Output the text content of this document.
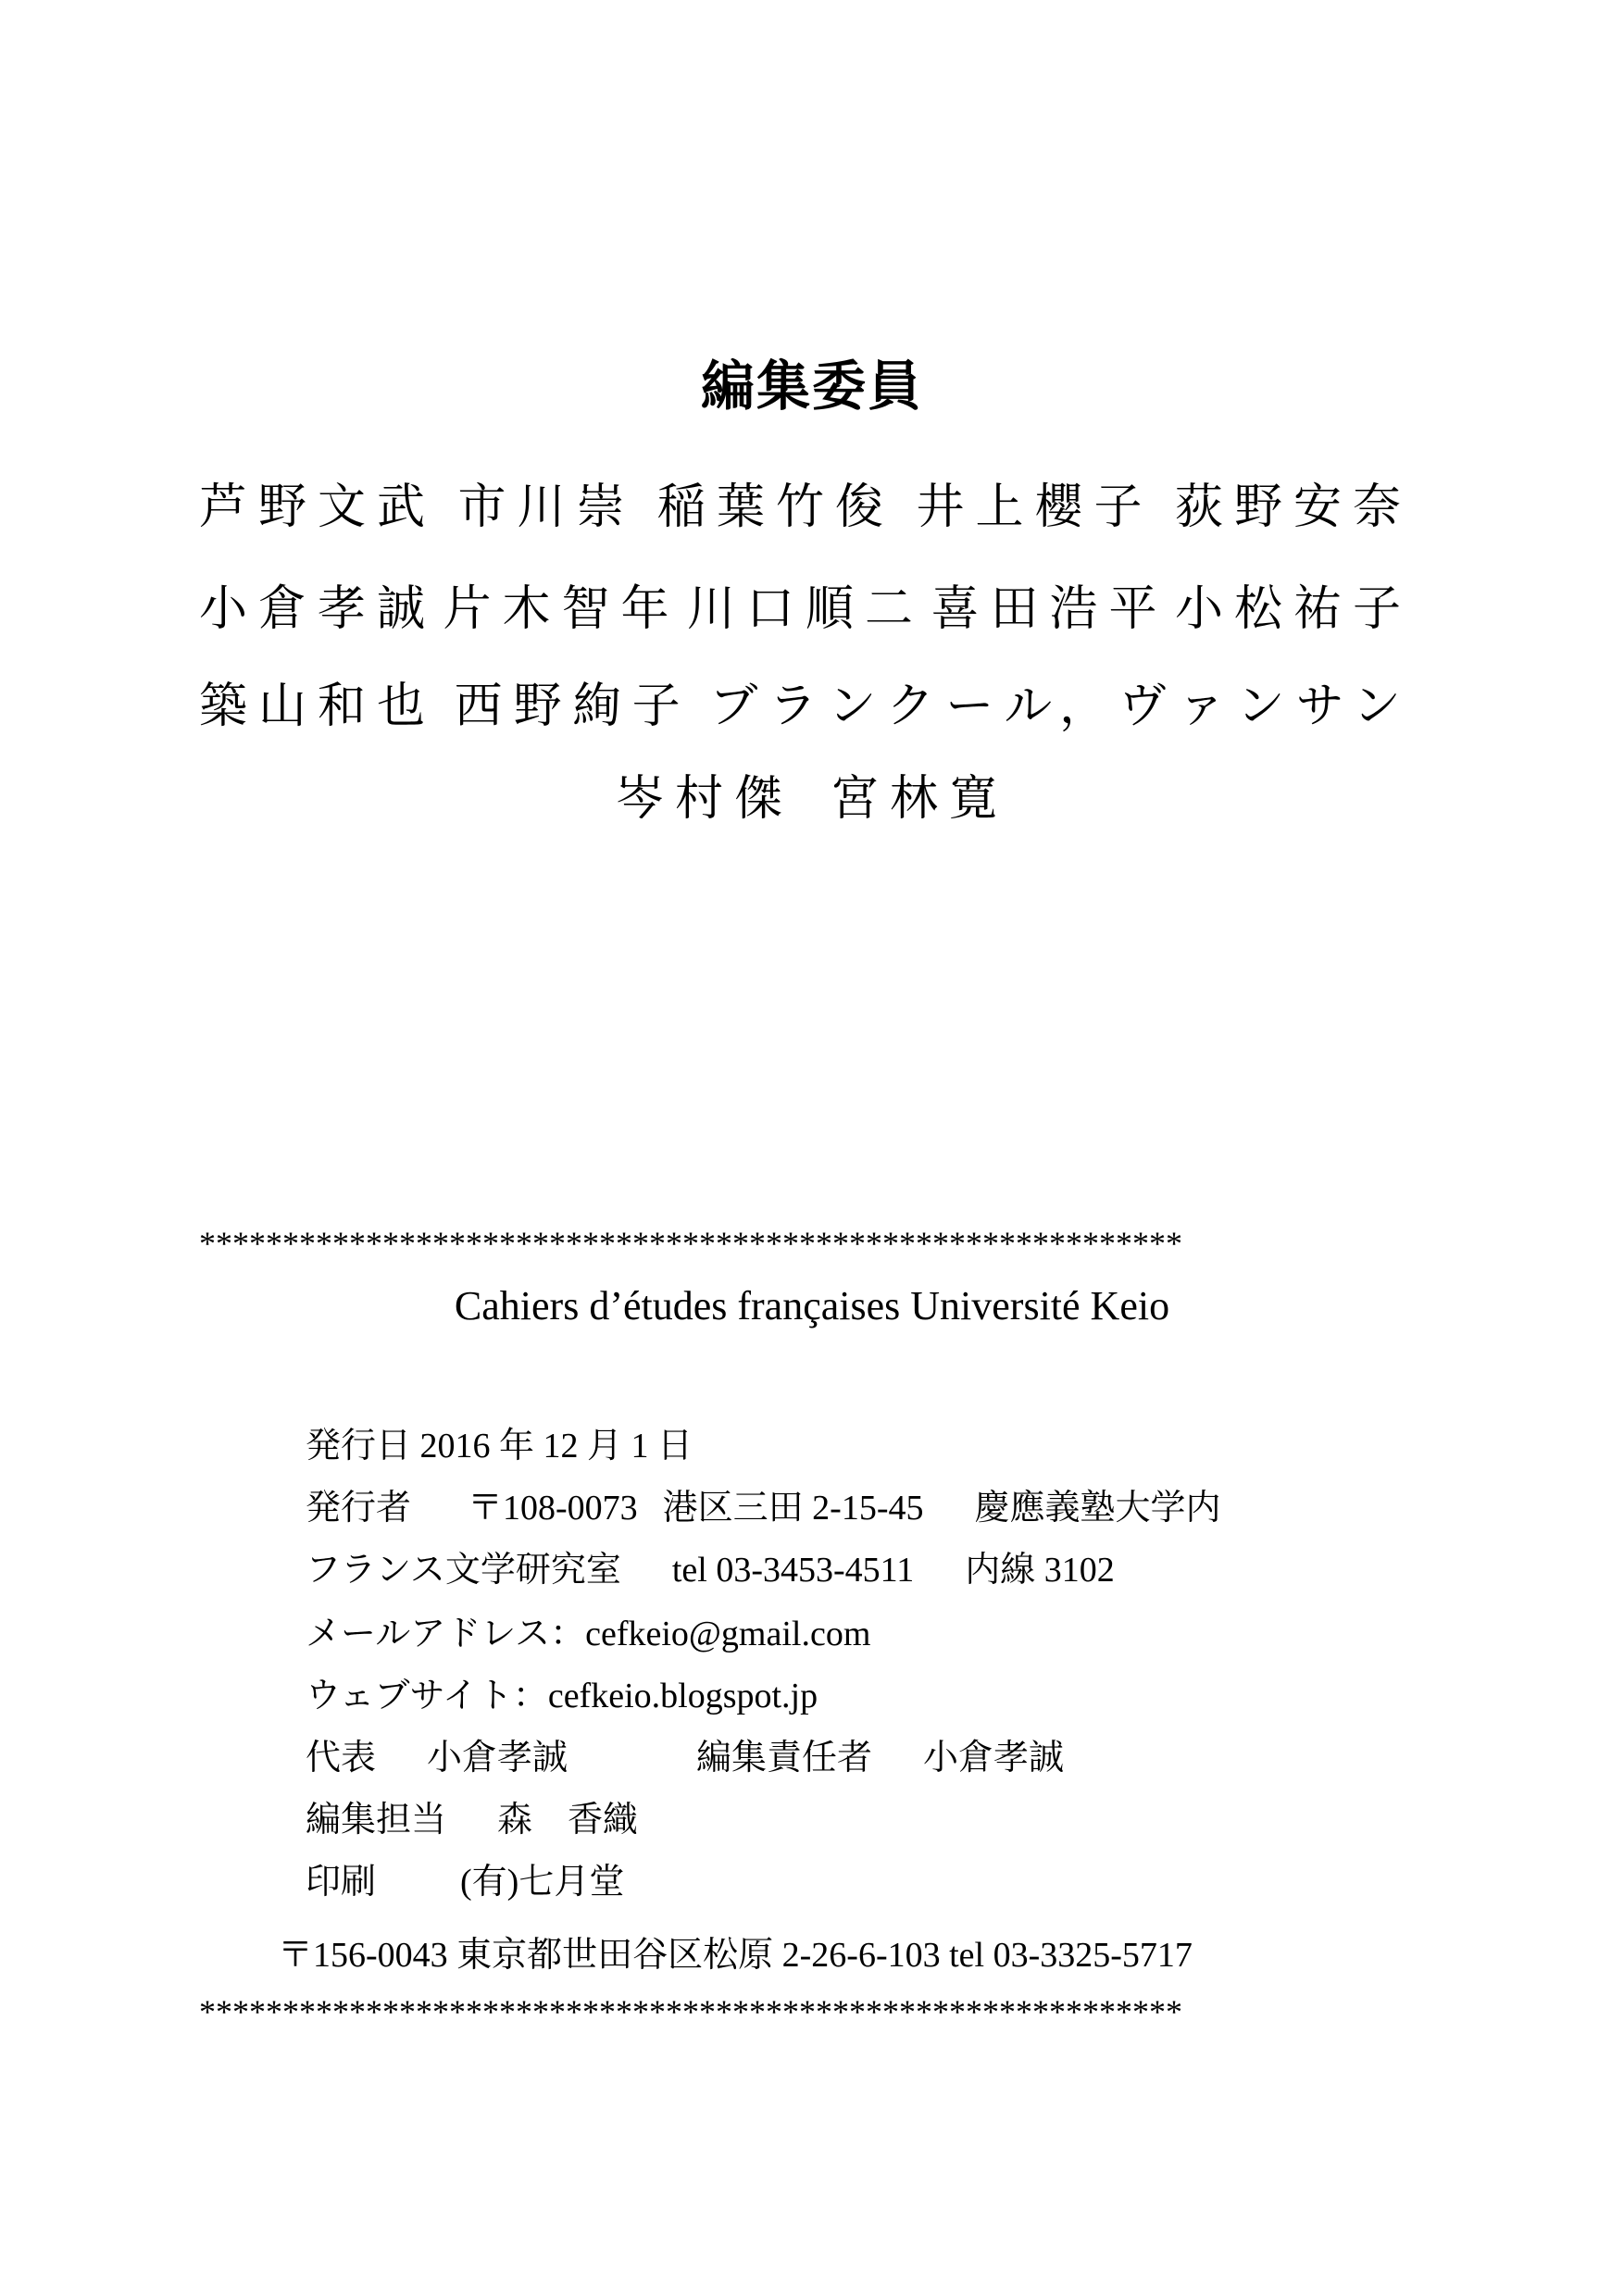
編集委員
芦野文武 市川崇 稲葉竹俊 井上櫻子 荻野安奈
小倉孝誠 片木智年 川口順二 喜田浩平 小松祐子
築山和也 西野絢子 ブランクール，ヴァンサン
岑村傑 宮林寛
***********************************************************
Cahiers d’études françaises Université Keio
発行日 2016 年 12 月 1 日
発行者 〒108-0073 港区三田 2-15-45 慶應義塾大学内
フランス文学研究室 tel 03-3453-4511 内線 3102
メールアドレス：cefkeio@gmail.com
ウェブサイト：cefkeio.blogspot.jp
代表 小倉孝誠	編集責任者 小倉孝誠
編集担当 森　香織
印刷 (有)七月堂
〒156-0043 東京都世田谷区松原 2-26-6-103 tel 03-3325-5717
***********************************************************
